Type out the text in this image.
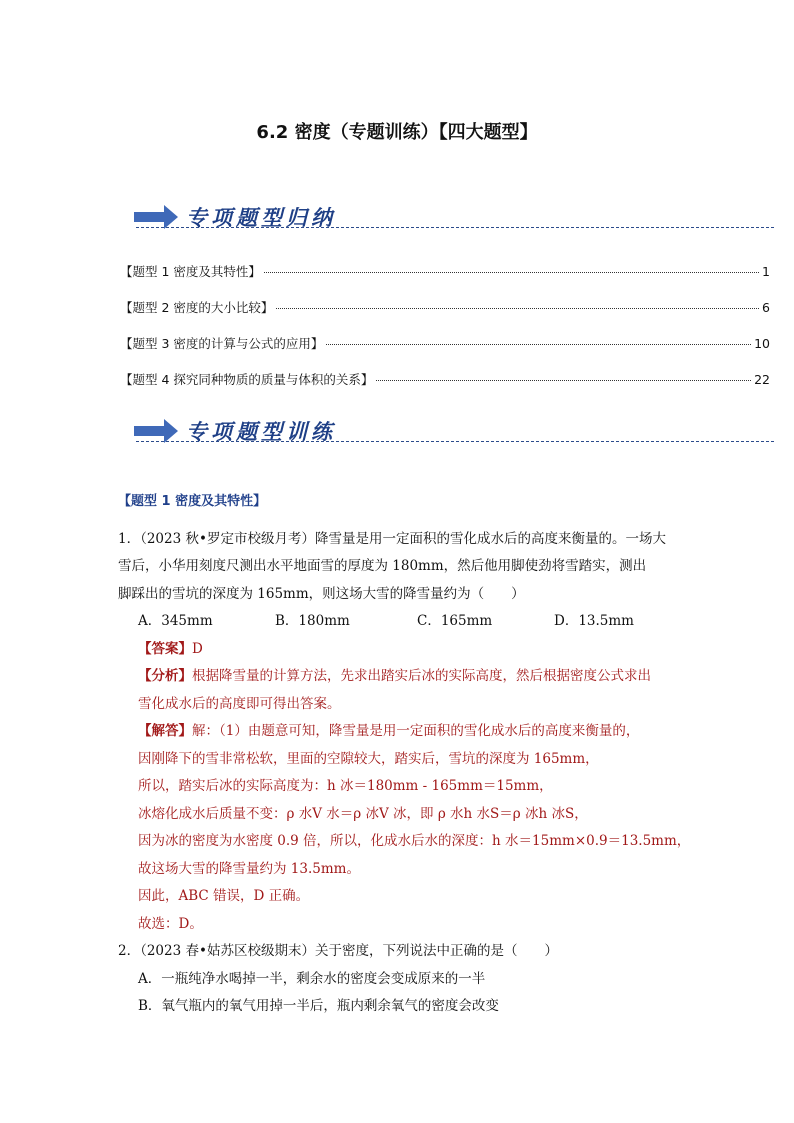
6.2 密度（专题训练）【四大题型】
专项题型归纳
【题型 1 密度及其特性】	1
【题型 2 密度的大小比较】	6
【题型 3 密度的计算与公式的应用】	10
【题型 4 探究同种物质的质量与体积的关系】	22
专项题型训练
【题型 1 密度及其特性】
1．（2023 秋•罗定市校级月考）降雪量是用一定面积的雪化成水后的高度来衡量的。一场大
雪后，小华用刻度尺测出水平地面雪的厚度为 180mm，然后他用脚使劲将雪踏实，测出
脚踩出的雪坑的深度为 165mm，则这场大雪的降雪量约为（　　）
A．345mm	B．180mm	C．165mm	D．13.5mm
【答案】D
【分析】根据降雪量的计算方法，先求出踏实后冰的实际高度，然后根据密度公式求出
雪化成水后的高度即可得出答案。
【解答】解：（1）由题意可知，降雪量是用一定面积的雪化成水后的高度来衡量的，
因刚降下的雪非常松软，里面的空隙较大，踏实后，雪坑的深度为 165mm，
所以，踏实后冰的实际高度为：h 冰＝180mm - 165mm＝15mm，
冰熔化成水后质量不变：ρ 水V 水＝ρ 冰V 冰，即 ρ 水h 水S＝ρ 冰h 冰S，
因为冰的密度为水密度 0.9 倍，所以，化成水后水的深度：h 水＝15mm×0.9＝13.5mm，
故这场大雪的降雪量约为 13.5mm。
因此，ABC 错误，D 正确。
故选：D。
2．（2023 春•姑苏区校级期末）关于密度，下列说法中正确的是（　　）
A．一瓶纯净水喝掉一半，剩余水的密度会变成原来的一半
B．氧气瓶内的氧气用掉一半后，瓶内剩余氧气的密度会改变
